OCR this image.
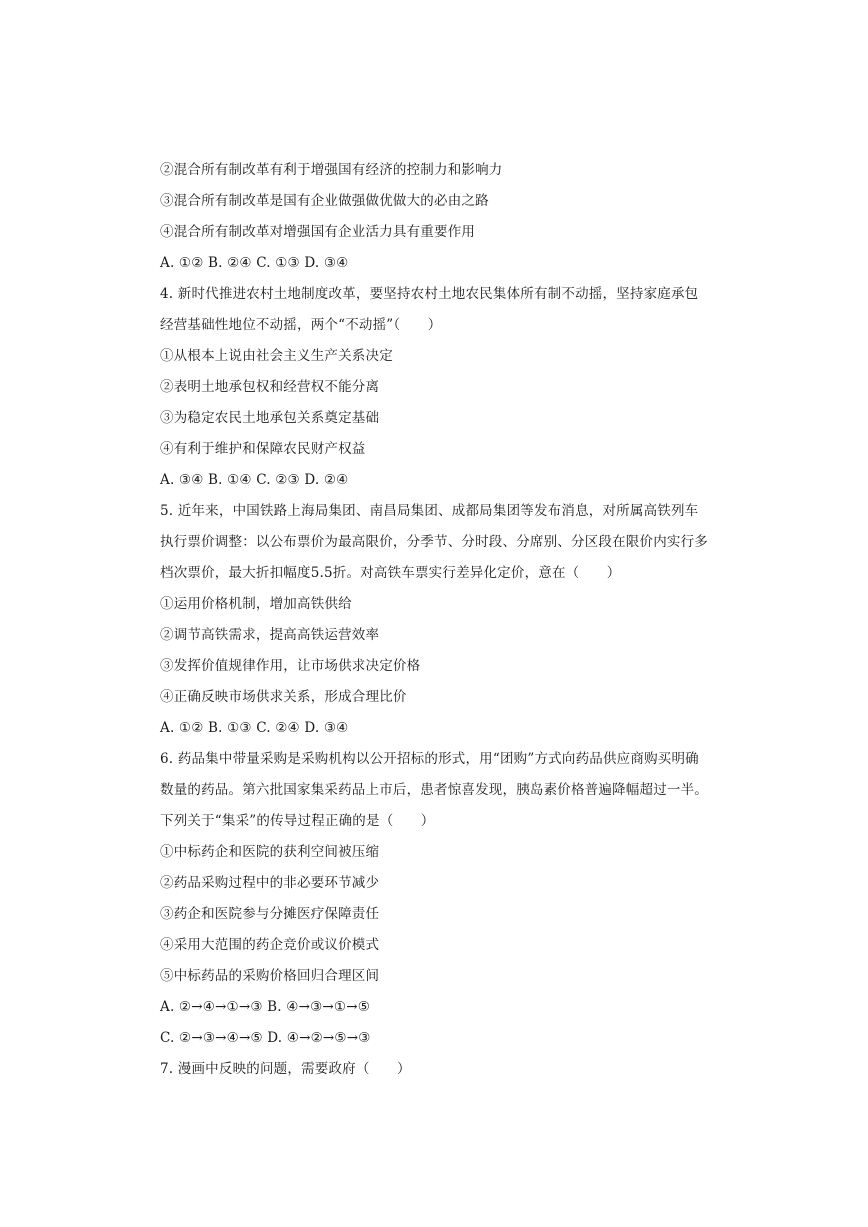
②混合所有制改革有利于增强国有经济的控制力和影响力
③混合所有制改革是国有企业做强做优做大的必由之路
④混合所有制改革对增强国有企业活力具有重要作用
A. ①② B. ②④ C. ①③ D. ③④
4. 新时代推进农村土地制度改革，要坚持农村土地农民集体所有制不动摇，坚持家庭承包
经营基础性地位不动摇，两个“不动摇”（　　）
①从根本上说由社会主义生产关系决定
②表明土地承包权和经营权不能分离
③为稳定农民土地承包关系奠定基础
④有利于维护和保障农民财产权益
A. ③④ B. ①④ C. ②③ D. ②④
5. 近年来，中国铁路上海局集团、南昌局集团、成都局集团等发布消息，对所属高铁列车
执行票价调整：以公布票价为最高限价，分季节、分时段、分席别、分区段在限价内实行多
档次票价，最大折扣幅度5.5折。对高铁车票实行差异化定价，意在（　　）
①运用价格机制，增加高铁供给
②调节高铁需求，提高高铁运营效率
③发挥价值规律作用，让市场供求决定价格
④正确反映市场供求关系，形成合理比价
A. ①② B. ①③ C. ②④ D. ③④
6. 药品集中带量采购是采购机构以公开招标的形式，用“团购”方式向药品供应商购买明确
数量的药品。第六批国家集采药品上市后，患者惊喜发现，胰岛素价格普遍降幅超过一半。
下列关于“集采”的传导过程正确的是（　　）
①中标药企和医院的获利空间被压缩
②药品采购过程中的非必要环节减少
③药企和医院参与分摊医疗保障责任
④采用大范围的药企竞价或议价模式
⑤中标药品的采购价格回归合理区间
A. ②→④→①→③ B. ④→③→①→⑤
C. ②→③→④→⑤ D. ④→②→⑤→③
7. 漫画中反映的问题，需要政府（　　）
